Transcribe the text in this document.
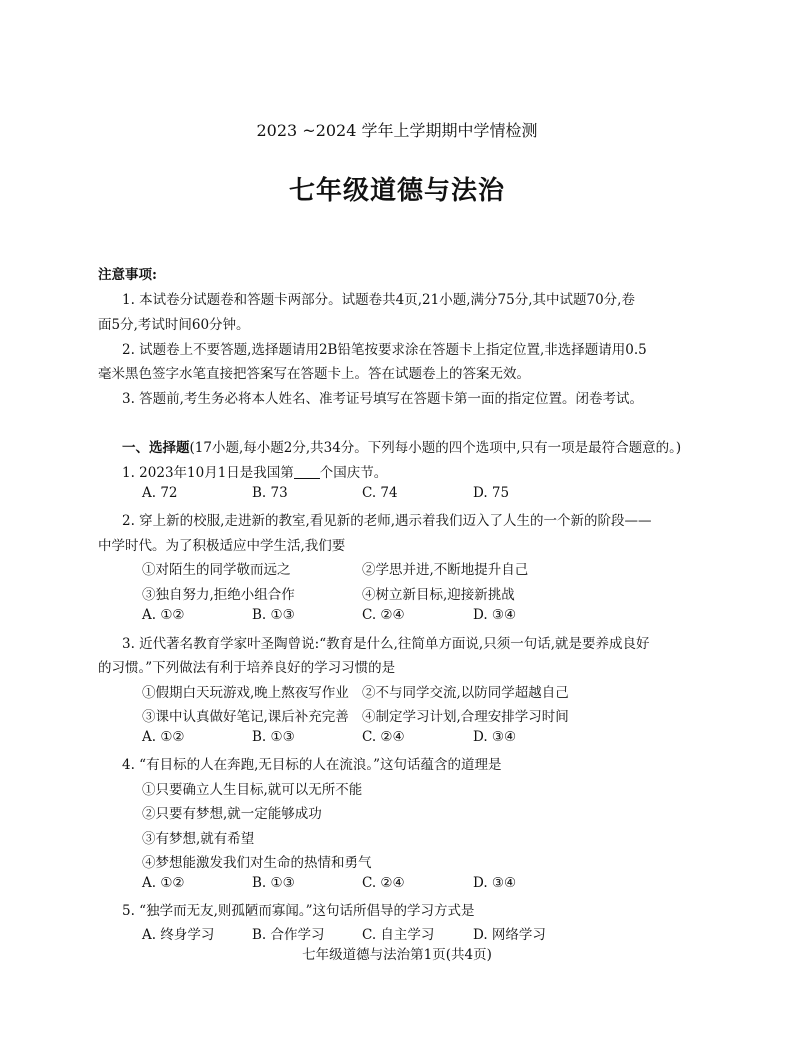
2023 ~2024 学年上学期期中学情检测
七年级道德与法治
注意事项:
1. 本试卷分试题卷和答题卡两部分。试题卷共4页,21小题,满分75分,其中试题70分,卷
面5分,考试时间60分钟。
2. 试题卷上不要答题,选择题请用2B铅笔按要求涂在答题卡上指定位置,非选择题请用0.5
毫米黑色签字水笔直接把答案写在答题卡上。答在试题卷上的答案无效。
3. 答题前,考生务必将本人姓名、准考证号填写在答题卡第一面的指定位置。闭卷考试。
一、选择题(17小题,每小题2分,共34分。下列每小题的四个选项中,只有一项是最符合题意的。)
1. 2023年10月1日是我国第 个国庆节。
A. 72	B. 73	C. 74	D. 75
2. 穿上新的校服,走进新的教室,看见新的老师,遇示着我们迈入了人生的一个新的阶段——
中学时代。为了积极适应中学生活,我们要
①对陌生的同学敬而远之	②学思并进,不断地提升自己
③独自努力,拒绝小组合作	④树立新目标,迎接新挑战
A. ①②	B. ①③	C. ②④	D. ③④
3. 近代著名教育学家叶圣陶曾说:“教育是什么,往简单方面说,只须一句话,就是要养成良好
的习惯。”下列做法有利于培养良好的学习习惯的是
①假期白天玩游戏,晚上熬夜写作业 ②不与同学交流,以防同学超越自己
③课中认真做好笔记,课后补充完善 ④制定学习计划,合理安排学习时间
A. ①②	B. ①③	C. ②④	D. ③④
4. “有目标的人在奔跑,无目标的人在流浪。”这句话蕴含的道理是
①只要确立人生目标,就可以无所不能
②只要有梦想,就一定能够成功
③有梦想,就有希望
④梦想能激发我们对生命的热情和勇气
A. ①②	B. ①③	C. ②④	D. ③④
5. “独学而无友,则孤陋而寡闻。”这句话所倡导的学习方式是
A. 终身学习	B. 合作学习	C. 自主学习	D. 网络学习
七年级道德与法治第1页(共4页)
